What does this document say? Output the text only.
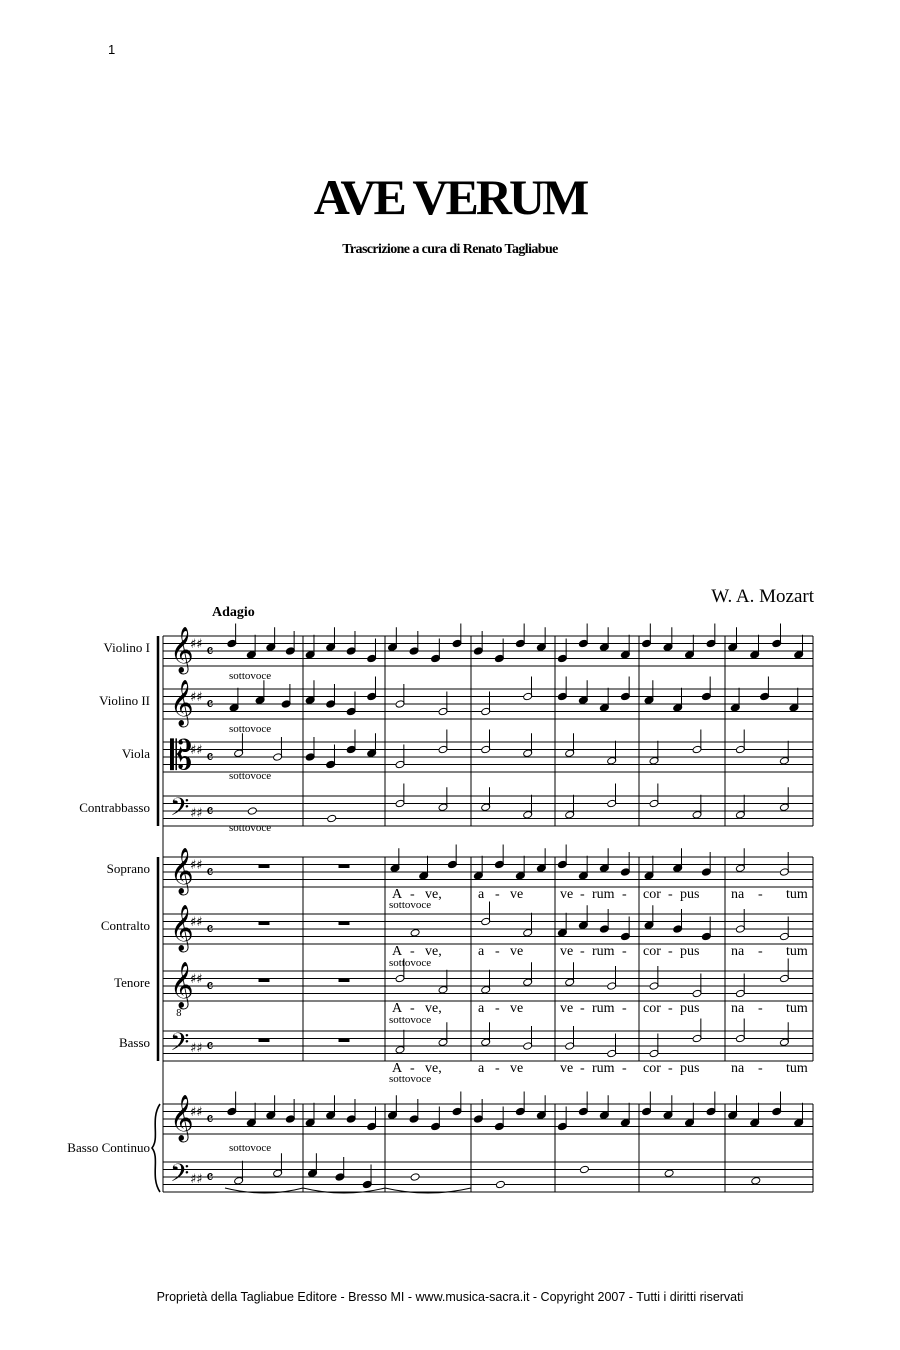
1
AVE VERUM
Trascrizione a cura di Renato Tagliabue
W. A. Mozart
Adagio
Violino I
Violino II
Viola
Contrabbasso
Soprano
Contralto
Tenore
Basso
Basso Continuo
sottovoce
sottovoce
sottovoce
sottovoce
sottovoce
sottovoce
sottovoce
sottovoce
sottovoce
A - ve,	a - ve	ve - rum - cor - pus na - tum
A - ve,	a - ve	ve - rum - cor - pus na - tum
A - ve,	a - ve	ve - rum - cor - pus na - tum
A - ve,	a - ve	ve - rum - cor - pus na - tum
𝄞
♯♯ 𝄴
𝄞
♯♯ 𝄴
𝄡
♯♯ 𝄴
𝄢 ♯♯ 𝄴
𝄞
♯♯ 𝄴
𝄞
♯♯ 𝄴
𝄞
8
♯♯ 𝄴
𝄢 ♯♯ 𝄴
𝄞
♯♯ 𝄴
𝄢 ♯♯ 𝄴
Proprietà della Tagliabue Editore - Bresso MI - www.musica-sacra.it - Copyright 2007 - Tutti i diritti riservati
